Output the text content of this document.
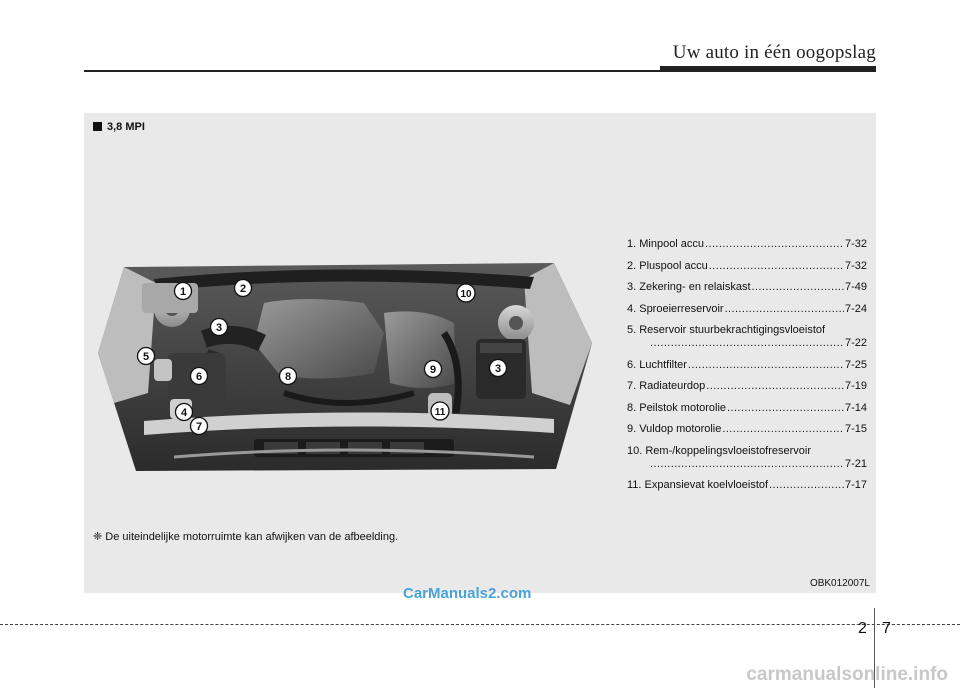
Uw auto in één oogopslag
3,8 MPI
1	2
3
10
3
5
6	8
9
4	11
7
1. Minpool accu .....	7-32
2. Pluspool accu .....	7-32
3. Zekering- en relaiskast .....	7-49
4. Sproeierreservoir .....	7-24
5. Reservoir stuurbekrachtigingsvloeistof
.....
7-22
6. Luchtfilter .....	7-25
7. Radiateurdop .....	7-19
8. Peilstok motorolie .....	7-14
9. Vuldop motorolie .....	7-15
10. Rem-/koppelingsvloeistofreservoir
.....
7-21
11. Expansievat koelvloeistof .....	7-17
❈ De uiteindelijke motorruimte kan afwijken van de afbeelding.
OBK012007L
CarManuals2.com
2 7
carmanualsonline.info
